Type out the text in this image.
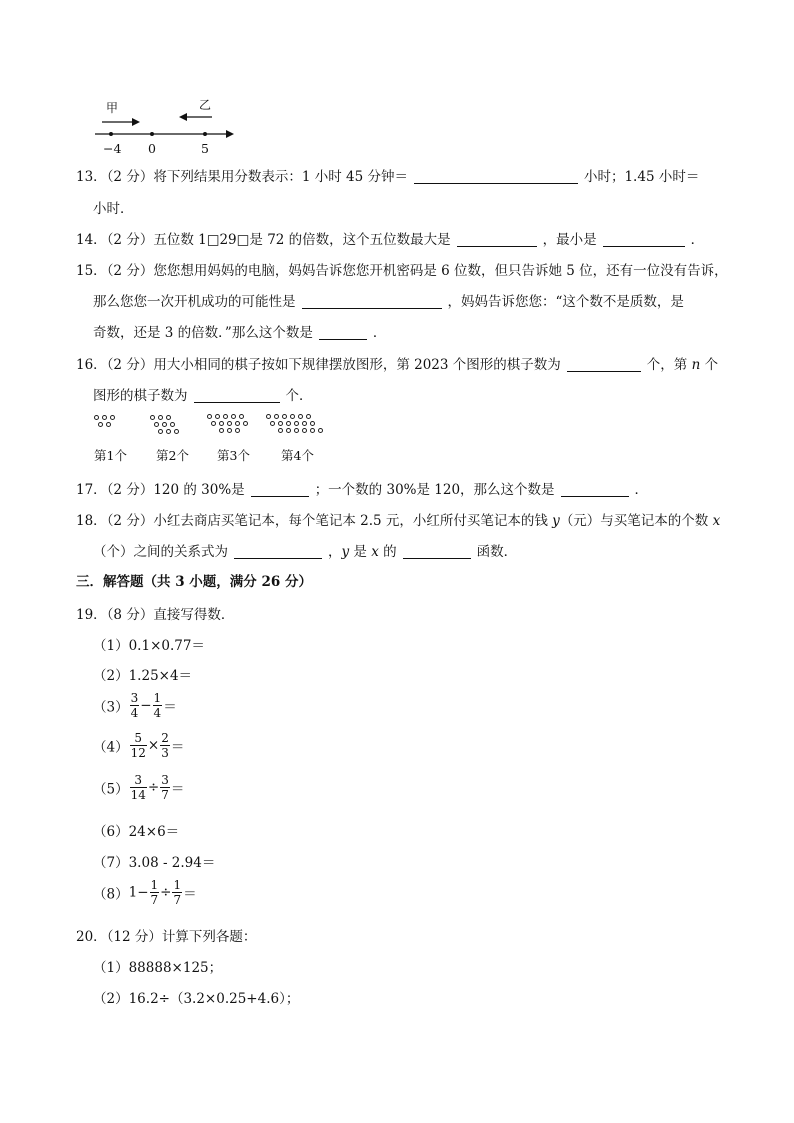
甲	乙
−4 0	5
13．（2 分）将下列结果用分数表示：1 小时 45 分钟＝	小时；1.45 小时＝
小时．
14．（2 分）五位数 1□29□是 72 的倍数，这个五位数最大是	，最小是	．
15．（2 分）您您想用妈妈的电脑，妈妈告诉您您开机密码是 6 位数，但只告诉她 5 位，还有一位没有告诉，
那么您您一次开机成功的可能性是	，妈妈告诉您您：“这个数不是质数，是
奇数，还是 3 的倍数．”那么这个数是	．
16．（2 分）用大小相同的棋子按如下规律摆放图形，第 2023 个图形的棋子数为	个，第 n 个
图形的棋子数为	个．
第1个 第2个 第3个 第4个
17．（2 分）120 的 30%是	；一个数的 30%是 120，那么这个数是	．
18．（2 分）小红去商店买笔记本，每个笔记本 2.5 元，小红所付买笔记本的钱 y（元）与买笔记本的个数 x
（个）之间的关系式为	，y 是 x 的	函数．
三．解答题（共 3 小题，满分 26 分）
19．（8 分）直接写得数．
（1）0.1×0.77＝
（2）1.25×4＝
$(3) \frac{3}{4} - \frac{1}{4}$ ＝
$(4) \frac{5}{12} \times \frac{2}{3}$ ＝
$(5) \frac{3}{14} \div \frac{3}{7}$ ＝
（6）24×6＝
（7）3.08 - 2.94＝
$(8)1- \frac{1}{7} \div \frac{1}{7}$ ＝
20．（12 分）计算下列各题：
（1）88888×125；
（2）16.2÷（3.2×0.25+4.6）；
